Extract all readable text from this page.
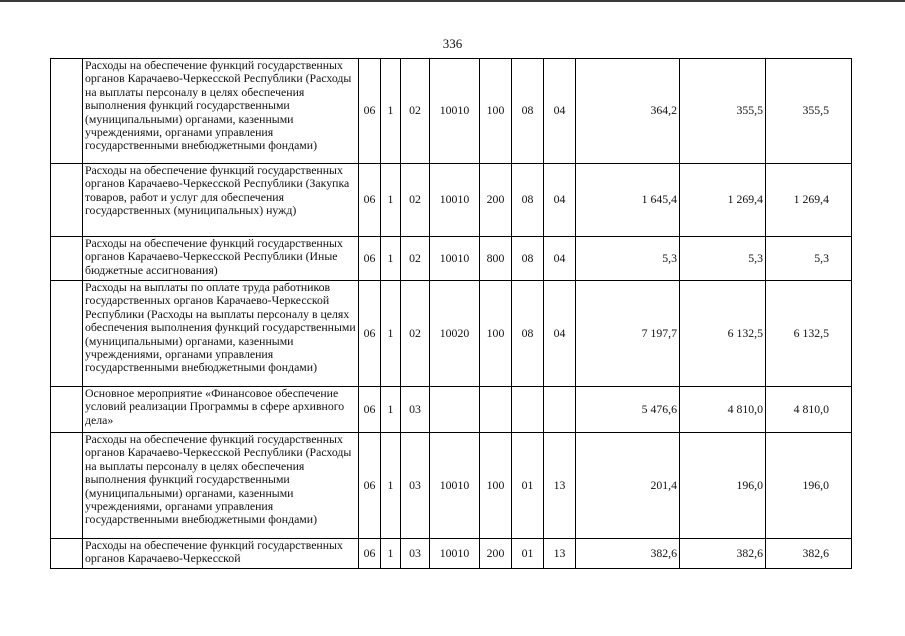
336
	Расходы на обеспечение функций государственных органов Карачаево-Черкесской Республики (Расходы на выплаты персоналу в целях обеспечения выполнения функций государственными (муниципальными) органами, казенными учреждениями, органами управления государственными внебюджетными фондами)	06	1	02	10010	100	08	04	364,2	355,5	355,5
	Расходы на обеспечение функций государственных органов Карачаево-Черкесской Республики (Закупка товаров, работ и услуг для обеспечения государственных (муниципальных) нужд)	06	1	02	10010	200	08	04	1 645,4	1 269,4	1 269,4
	Расходы на обеспечение функций государственных органов Карачаево-Черкесской Республики (Иные бюджетные ассигнования)	06	1	02	10010	800	08	04	5,3	5,3	5,3
	Расходы на выплаты по оплате труда работников государственных органов Карачаево-Черкесской Республики (Расходы на выплаты персоналу в целях обеспечения выполнения функций государственными (муниципальными) органами, казенными учреждениями, органами управления государственными внебюджетными фондами)	06	1	02	10020	100	08	04	7 197,7	6 132,5	6 132,5
	Основное мероприятие «Финансовое обеспечение условий реализации Программы в сфере архивного дела»	06	1	03					5 476,6	4 810,0	4 810,0
	Расходы на обеспечение функций государственных органов Карачаево-Черкесской Республики (Расходы на выплаты персоналу в целях обеспечения выполнения функций государственными (муниципальными) органами, казенными учреждениями, органами управления государственными внебюджетными фондами)	06	1	03	10010	100	01	13	201,4	196,0	196,0
	Расходы на обеспечение функций государственных органов Карачаево-Черкесской	06	1	03	10010	200	01	13	382,6	382,6	382,6
